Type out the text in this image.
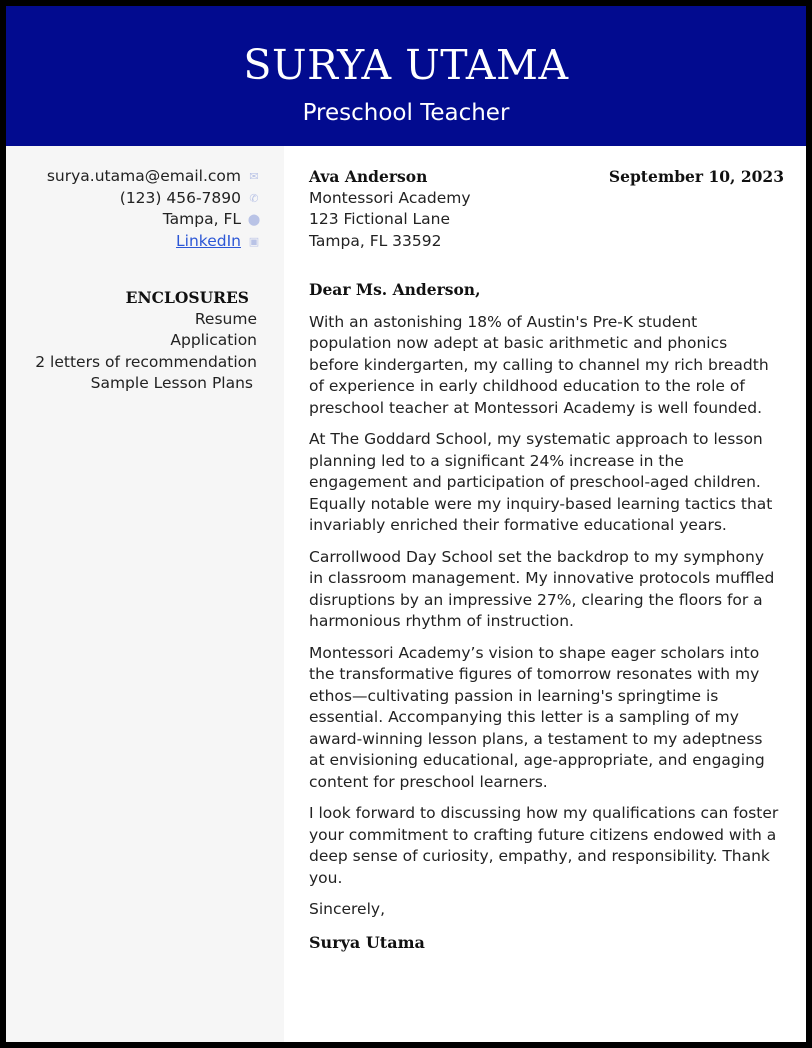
SURYA UTAMA
Preschool Teacher
surya.utama@email.com ✉
(123) 456-7890 ✆
Tampa, FL ⬤
LinkedIn ▣
ENCLOSURES
Resume
Application
2 letters of recommendation
Sample Lesson Plans
September 10, 2023
Ava Anderson
Montessori Academy
123 Fictional Lane
Tampa, FL 33592
Dear Ms. Anderson,

With an astonishing 18% of Austin's Pre-K student population now adept at basic arithmetic and phonics before kindergarten, my calling to channel my rich breadth of experience in early childhood education to the role of preschool teacher at Montessori Academy is well founded.

At The Goddard School, my systematic approach to lesson planning led to a significant 24% increase in the engagement and participation of preschool-aged children. Equally notable were my inquiry-based learning tactics that invariably enriched their formative educational years.

Carrollwood Day School set the backdrop to my symphony in classroom management. My innovative protocols muffled disruptions by an impressive 27%, clearing the floors for a harmonious rhythm of instruction.

Montessori Academy’s vision to shape eager scholars into the transformative figures of tomorrow resonates with my ethos—cultivating passion in learning's springtime is essential. Accompanying this letter is a sampling of my award-winning lesson plans, a testament to my adeptness at envisioning educational, age-appropriate, and engaging content for preschool learners.

I look forward to discussing how my qualifications can foster your commitment to crafting future citizens endowed with a deep sense of curiosity, empathy, and responsibility. Thank you.

Sincerely,
Surya Utama
